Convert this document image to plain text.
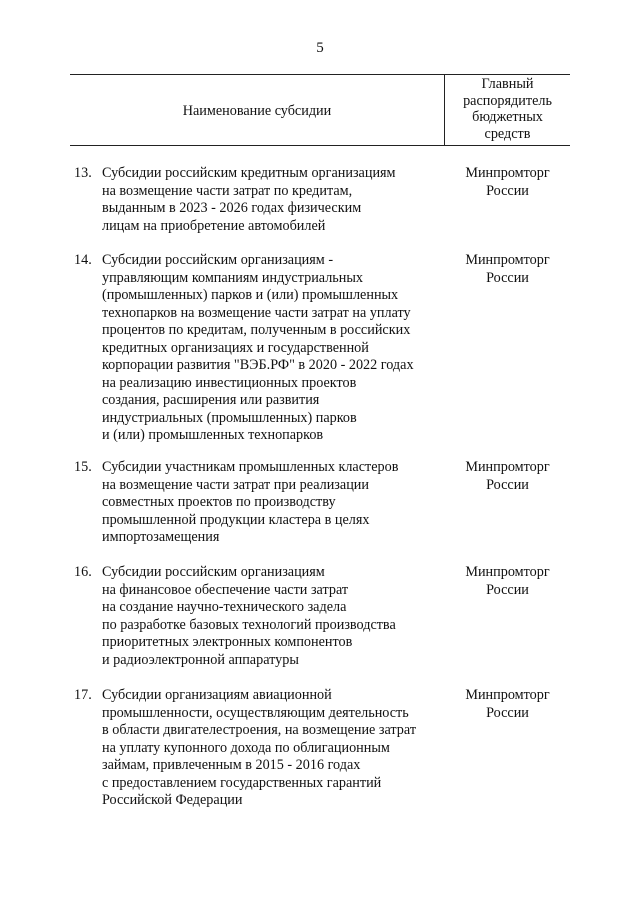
5
Наименование субсидии
Главный
распорядитель
бюджетных
средств
13. Субсидии российским кредитным организациям
на возмещение части затрат по кредитам,
выданным в 2023 - 2026 годах физическим
лицам на приобретение автомобилей
Минпромторг
России
14. Субсидии российским организациям -
управляющим компаниям индустриальных
(промышленных) парков и (или) промышленных
технопарков на возмещение части затрат на уплату
процентов по кредитам, полученным в российских
кредитных организациях и государственной
корпорации развития "ВЭБ.РФ" в 2020 - 2022 годах
на реализацию инвестиционных проектов
создания, расширения или развития
индустриальных (промышленных) парков
и (или) промышленных технопарков
Минпромторг
России
15. Субсидии участникам промышленных кластеров
на возмещение части затрат при реализации
совместных проектов по производству
промышленной продукции кластера в целях
импортозамещения
Минпромторг
России
16. Субсидии российским организациям
на финансовое обеспечение части затрат
на создание научно-технического задела
по разработке базовых технологий производства
приоритетных электронных компонентов
и радиоэлектронной аппаратуры
Минпромторг
России
17. Субсидии организациям авиационной
промышленности, осуществляющим деятельность
в области двигателестроения, на возмещение затрат
на уплату купонного дохода по облигационным
займам, привлеченным в 2015 - 2016 годах
с предоставлением государственных гарантий
Российской Федерации
Минпромторг
России
